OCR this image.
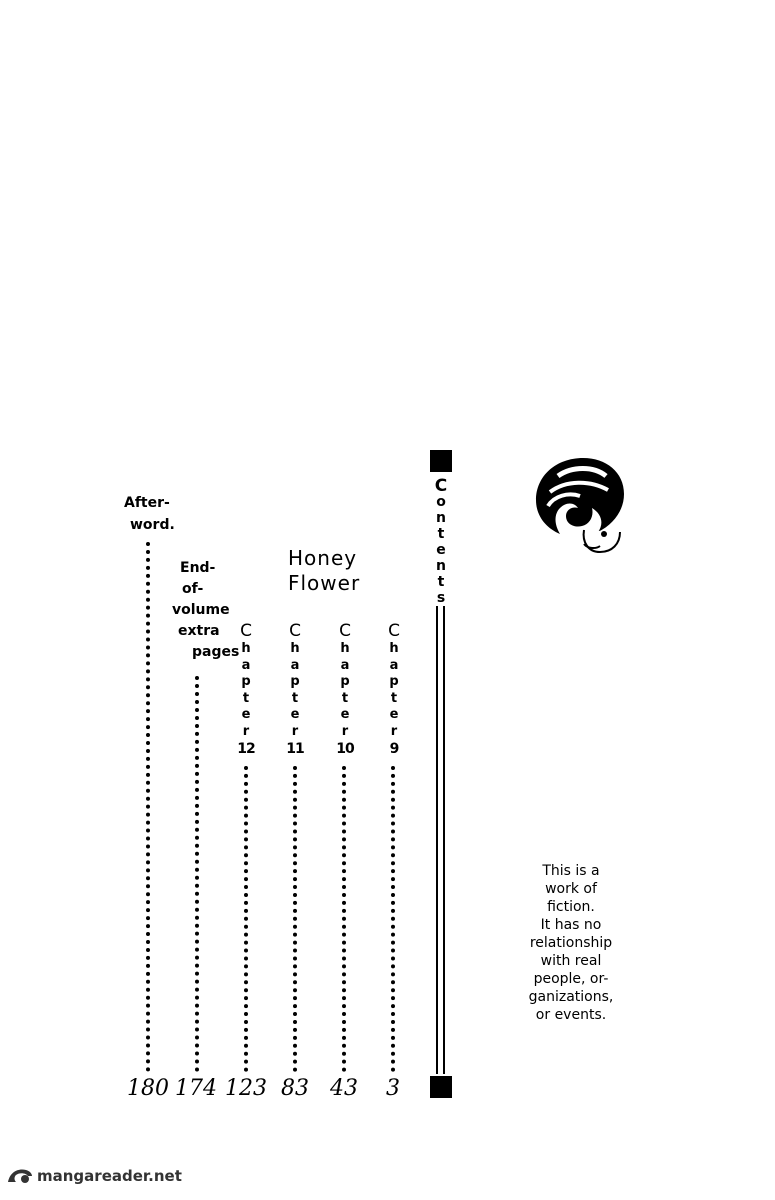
C
o
n
t
e
n
t
s
Honey
Flower
After-
word.
180
End-
of-
volume
extra
pages
174
C
h
a
p
t
e
r
12
123
C
h
a
p
t
e
r
11
83
C
h
a
p
t
e
r
10
43
C
h
a
p
t
e
r
9
3
This is a
work of
fiction.
It has no
relationship
with real
people, or-
ganizations,
or events.
mangareader.net
